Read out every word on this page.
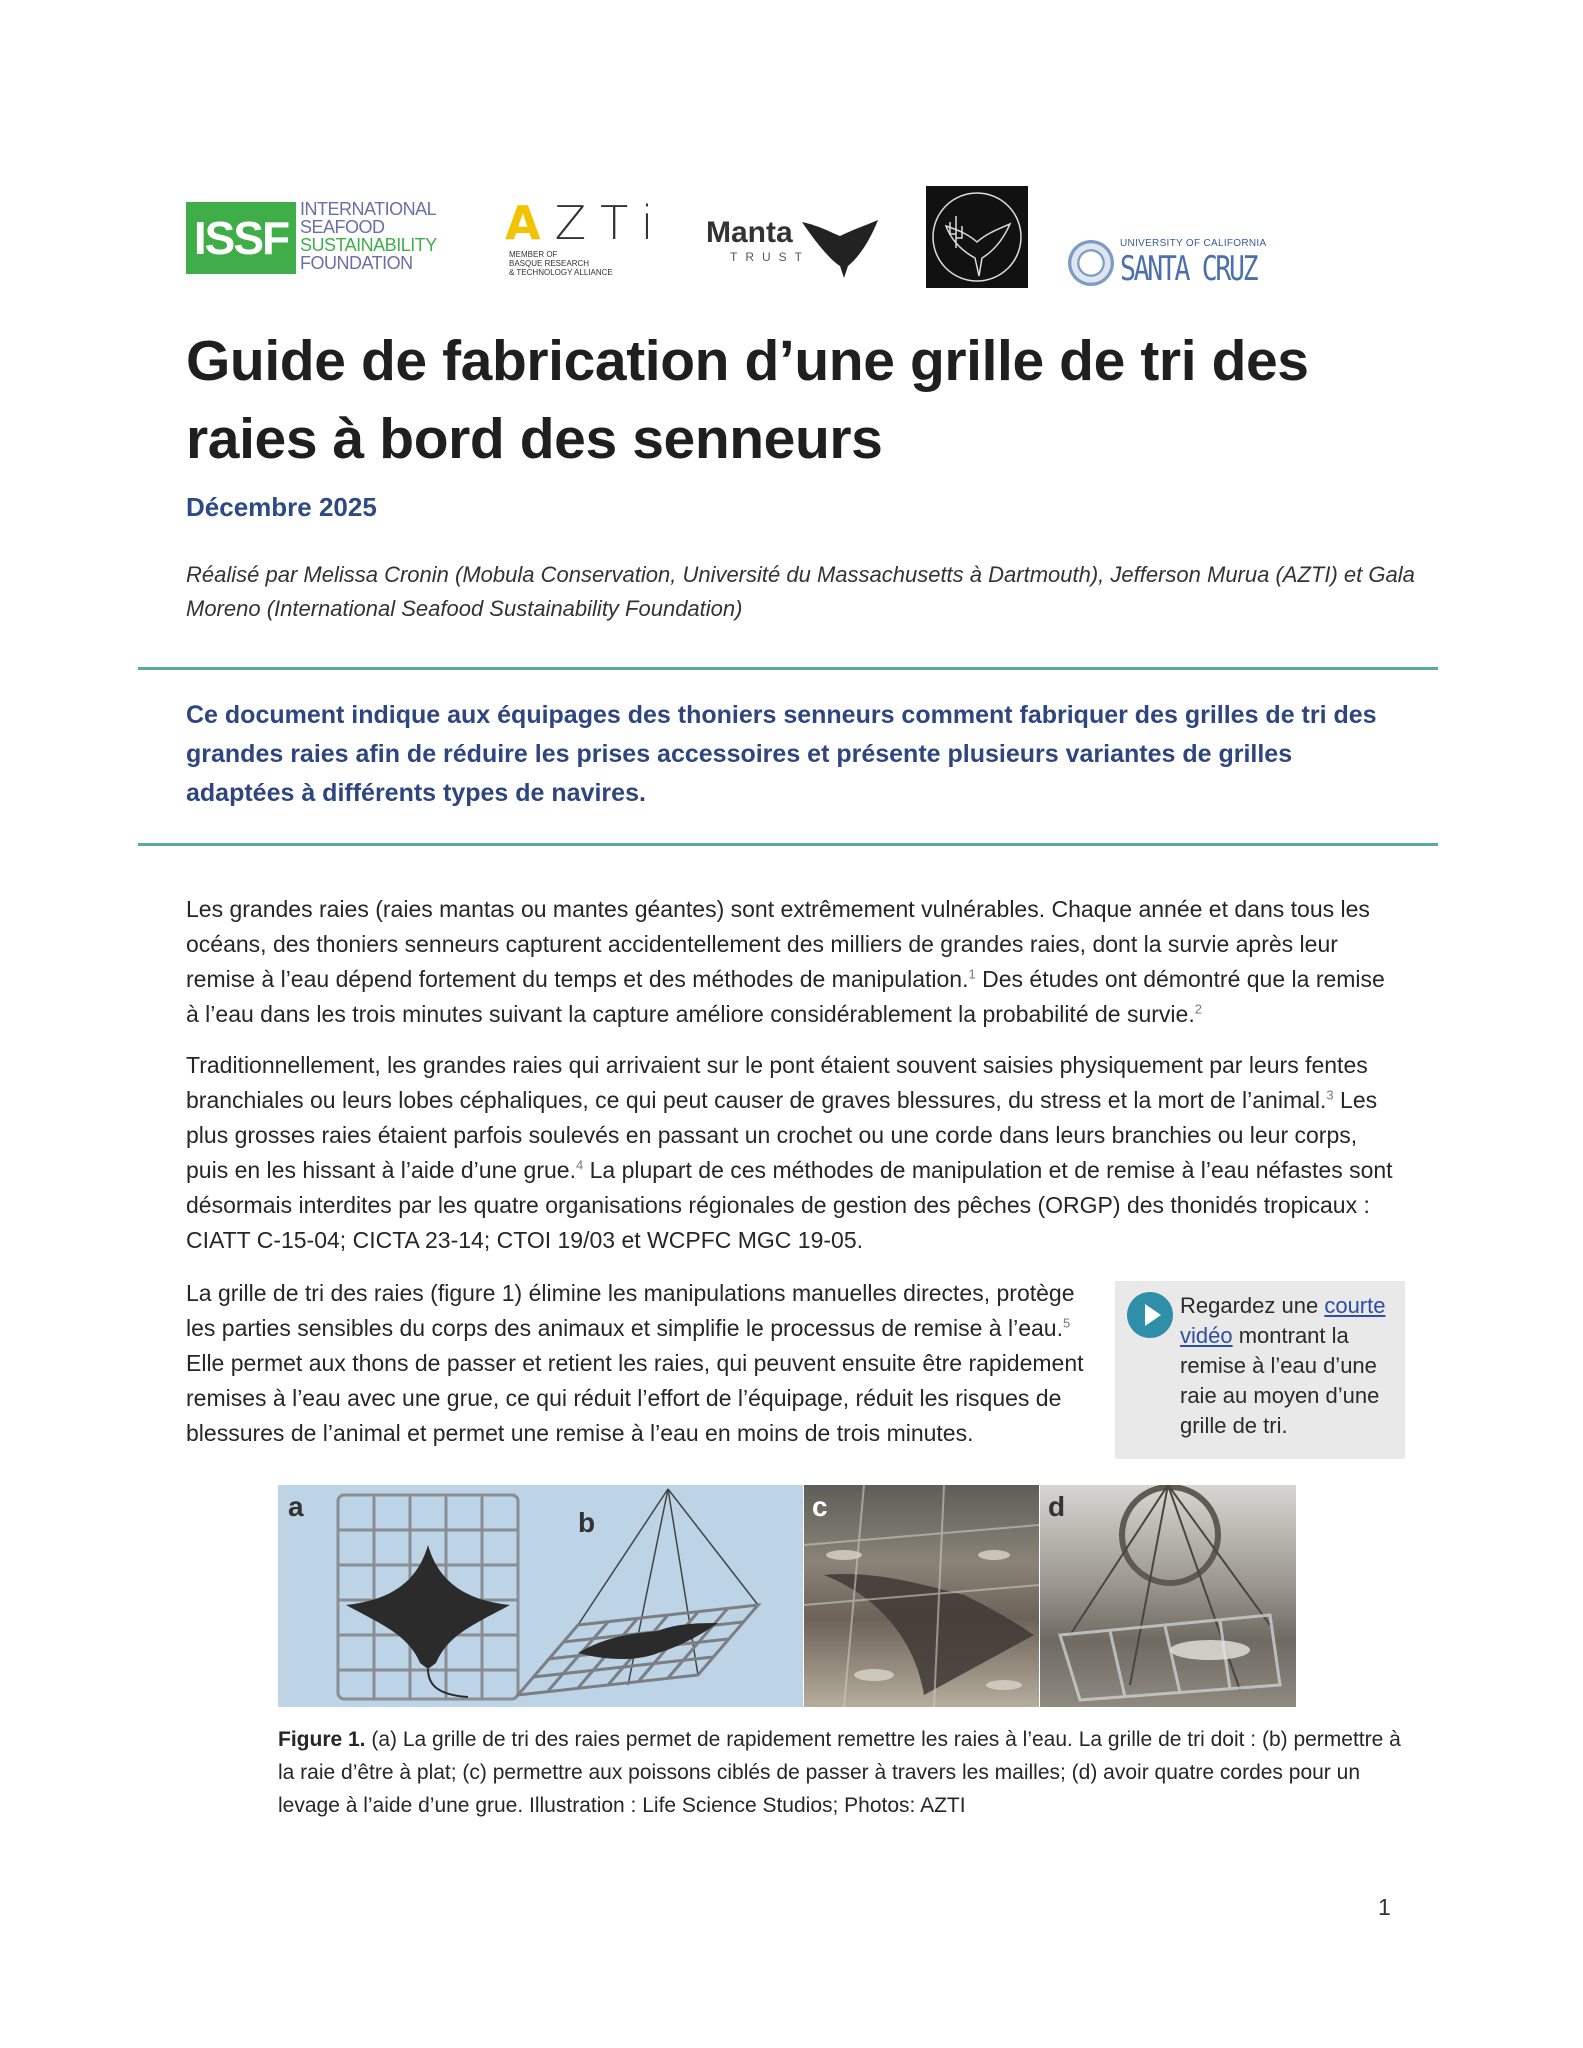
ISSF
INTERNATIONAL
SEAFOOD
SUSTAINABILITY
FOUNDATION
AZTi
MEMBER OF
BASQUE RESEARCH
& TECHNOLOGY ALLIANCE
Manta
TRUST
UNIVERSITY OF CALIFORNIA
SANTA CRUZ
Guide de fabrication d’une grille de tri des raies à bord des senneurs
Décembre 2025
Réalisé par Melissa Cronin (Mobula Conservation, Université du Massachusetts à Dartmouth), Jefferson Murua (AZTI) et Gala Moreno (International Seafood Sustainability Foundation)
Ce document indique aux équipages des thoniers senneurs comment fabriquer des grilles de tri des grandes raies afin de réduire les prises accessoires et présente plusieurs variantes de grilles adaptées à différents types de navires.

Les grandes raies (raies mantas ou mantes géantes) sont extrêmement vulnérables. Chaque année et dans tous les océans, des thoniers senneurs capturent accidentellement des milliers de grandes raies, dont la survie après leur remise à l’eau dépend fortement du temps et des méthodes de manipulation.$^1$ Des études ont démontré que la remise à l’eau dans les trois minutes suivant la capture améliore considérablement la probabilité de survie.$^2$

Traditionnellement, les grandes raies qui arrivaient sur le pont étaient souvent saisies physiquement par leurs fentes branchiales ou leurs lobes céphaliques, ce qui peut causer de graves blessures, du stress et la mort de l’animal.$^3$ Les plus grosses raies étaient parfois soulevés en passant un crochet ou une corde dans leurs branchies ou leur corps, puis en les hissant à l’aide d’une grue.$^4$ La plupart de ces méthodes de manipulation et de remise à l’eau néfastes sont désormais interdites par les quatre organisations régionales de gestion des pêches (ORGP) des thonidés tropicaux : CIATT C-15-04; CICTA 23-14; CTOI 19/03 et WCPFC MGC 19-05.

La grille de tri des raies (figure 1) élimine les manipulations manuelles directes, protège les parties sensibles du corps des animaux et simplifie le processus de remise à l’eau.$^5$ Elle permet aux thons de passer et retient les raies, qui peuvent ensuite être rapidement remises à l’eau avec une grue, ce qui réduit l’effort de l’équipage, réduit les risques de blessures de l’animal et permet une remise à l’eau en moins de trois minutes.

Regardez une courte vidéo montrant la remise à l’eau d’une raie au moyen d’une grille de tri.
a
b
c	d
Figure 1. (a) La grille de tri des raies permet de rapidement remettre les raies à l’eau. La grille de tri doit : (b) permettre à la raie d’être à plat; (c) permettre aux poissons ciblés de passer à travers les mailles; (d) avoir quatre cordes pour un levage à l’aide d’une grue. Illustration : Life Science Studios; Photos: AZTI
1
